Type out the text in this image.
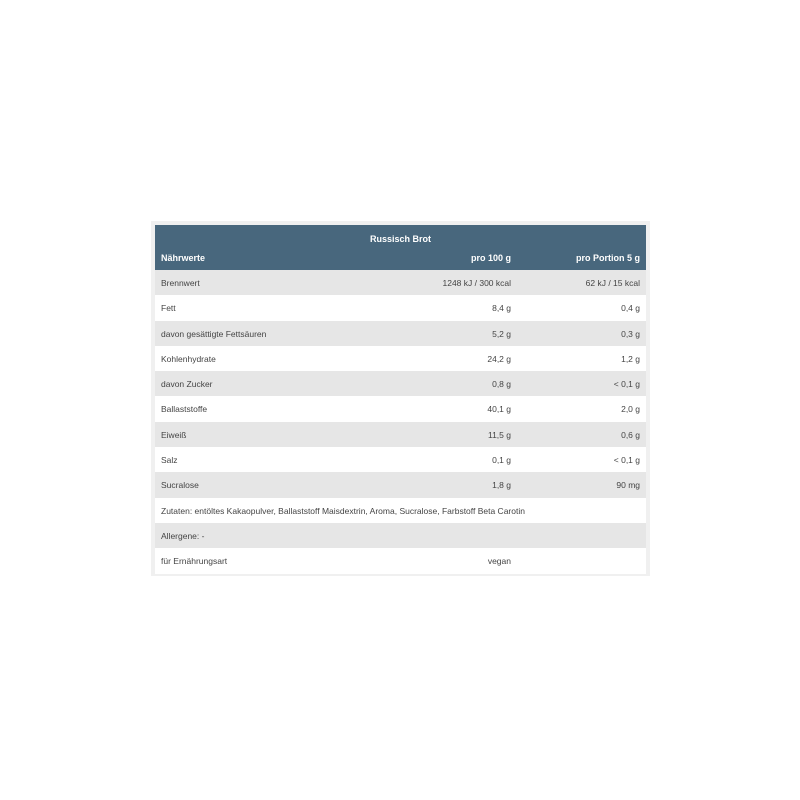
Russisch Brot
Nährwerte	pro 100 g	pro Portion 5 g
Brennwert	1248 kJ / 300 kcal	62 kJ / 15 kcal
Fett	8,4 g	0,4 g
davon gesättigte Fettsäuren	5,2 g	0,3 g
Kohlenhydrate	24,2 g	1,2 g
davon Zucker	0,8 g	< 0,1 g
Ballaststoffe	40,1 g	2,0 g
Eiweiß	11,5 g	0,6 g
Salz	0,1 g	< 0,1 g
Sucralose	1,8 g	90 mg
Zutaten: entöltes Kakaopulver, Ballaststoff Maisdextrin, Aroma, Sucralose, Farbstoff Beta Carotin
Allergene: -
für Ernährungsart	vegan
